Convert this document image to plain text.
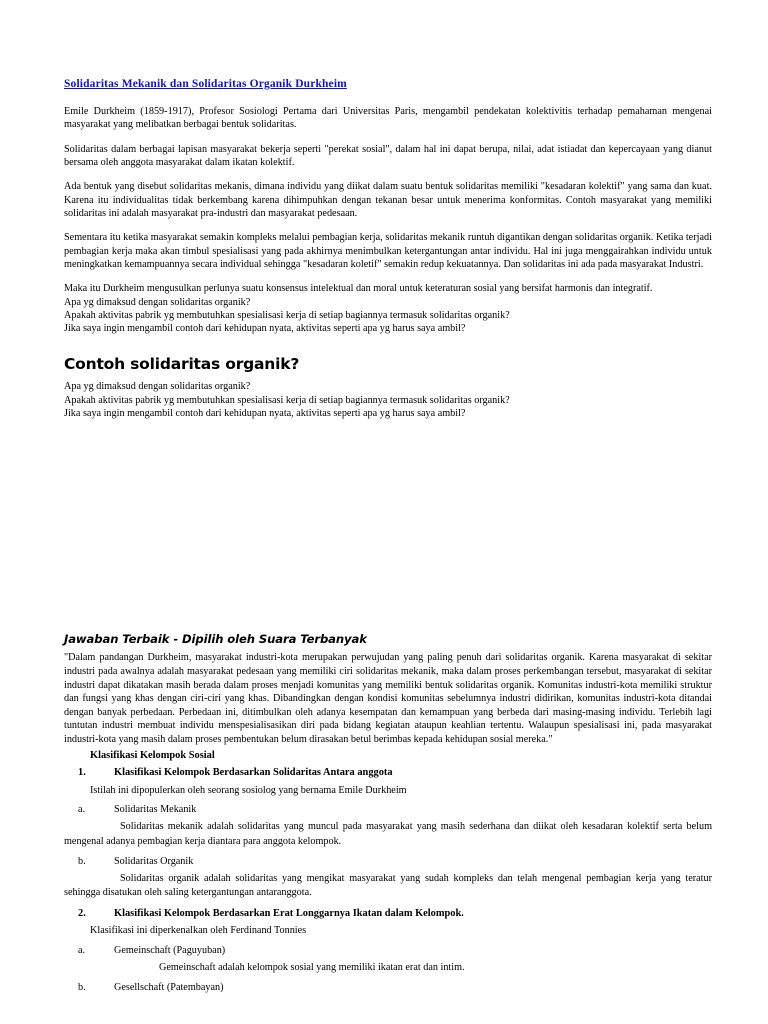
Solidaritas Mekanik dan Solidaritas Organik Durkheim

Emile Durkheim (1859-1917), Profesor Sosiologi Pertama dari Universitas Paris, mengambil pendekatan kolektivitis terhadap pemahaman mengenai masyarakat yang melibatkan berbagai bentuk solidaritas.

Solidaritas dalam berbagai lapisan masyarakat bekerja seperti "perekat sosial", dalam hal ini dapat berupa, nilai, adat istiadat dan kepercayaan yang dianut bersama oleh anggota masyarakat dalam ikatan kolektif.

Ada bentuk yang disebut solidaritas mekanis, dimana individu yang diikat dalam suatu bentuk solidaritas memiliki "kesadaran kolektif" yang sama dan kuat. Karena itu individualitas tidak berkembang karena dihimpuhkan dengan tekanan besar untuk menerima konformitas. Contoh masyarakat yang memiliki solidaritas ini adalah masyarakat pra-industri dan masyarakat pedesaan.

Sementara itu ketika masyarakat semakin kompleks melalui pembagian kerja, solidaritas mekanik runtuh digantikan dengan solidaritas organik. Ketika terjadi pembagian kerja maka akan timbul spesialisasi yang pada akhirnya menimbulkan ketergantungan antar individu. Hal ini juga menggairahkan individu untuk meningkatkan kemampuannya secara individual sehingga "kesadaran koletif" semakin redup kekuatannya. Dan solidaritas ini ada pada masyarakat Industri.

Maka itu Durkheim mengusulkan perlunya suatu konsensus intelektual dan moral untuk keteraturan sosial yang bersifat harmonis dan integratif.
Apa yg dimaksud dengan solidaritas organik?
Apakah aktivitas pabrik yg membutuhkan spesialisasi kerja di setiap bagiannya termasuk solidaritas organik?
Jika saya ingin mengambil contoh dari kehidupan nyata, aktivitas seperti apa yg harus saya ambil?
Contoh solidaritas organik?
Apa yg dimaksud dengan solidaritas organik?
Apakah aktivitas pabrik yg membutuhkan spesialisasi kerja di setiap bagiannya termasuk solidaritas organik?
Jika saya ingin mengambil contoh dari kehidupan nyata, aktivitas seperti apa yg harus saya ambil?
Jawaban Terbaik - Dipilih oleh Suara Terbanyak

"Dalam pandangan Durkheim, masyarakat industri-kota merupakan perwujudan yang paling penuh dari solidaritas organik. Karena masyarakat di sekitar industri pada awalnya adalah masyarakat pedesaan yang memiliki ciri solidaritas mekanik, maka dalam proses perkembangan tersebut, masyarakat di sekitar industri dapat dikatakan masih berada dalam proses menjadi komunitas yang memiliki bentuk solidaritas organik. Komunitas industri-kota memiliki struktur dan fungsi yang khas dengan ciri-ciri yang khas. Dibandingkan dengan kondisi komunitas sebelumnya industri didirikan, komunitas industri-kota ditandai dengan banyak perbedaan. Perbedaan ini, ditimbulkan oleh adanya kesempatan dan kemampuan yang berbeda dari masing-masing individu. Terlebih lagi tuntutan industri membuat individu menspesialisasikan diri pada bidang kegiatan ataupun keahlian tertentu. Walaupun spesialisasi ini, pada masyarakat industri-kota yang masih dalam proses pembentukan belum dirasakan betul berimbas kepada kehidupan sosial mereka."

Klasifikasi Kelompok Sosial
1.	Klasifikasi Kelompok Berdasarkan Solidaritas Antara anggota
Istilah ini dipopulerkan oleh seorang sosiolog yang bernama Emile Durkheim
a.	Solidaritas Mekanik

Solidaritas mekanik adalah solidaritas yang muncul pada masyarakat yang masih sederhana dan diikat oleh kesadaran kolektif serta belum mengenal adanya pembagian kerja diantara para anggota kelompok.

b.	Solidaritas Organik

Solidaritas organik adalah solidaritas yang mengikat masyarakat yang sudah kompleks dan telah mengenal pembagian kerja yang teratur sehingga disatukan oleh saling ketergantungan antaranggota.

2.	Klasifikasi Kelompok Berdasarkan Erat Longgarnya Ikatan dalam Kelompok.
Klasifikasi ini diperkenalkan oleh Ferdinand Tonnies
a.	Gemeinschaft (Paguyuban)

Gemeinschaft adalah kelompok sosial yang memiliki ikatan erat dan intim.

b.	Gesellschaft (Patembayan)
